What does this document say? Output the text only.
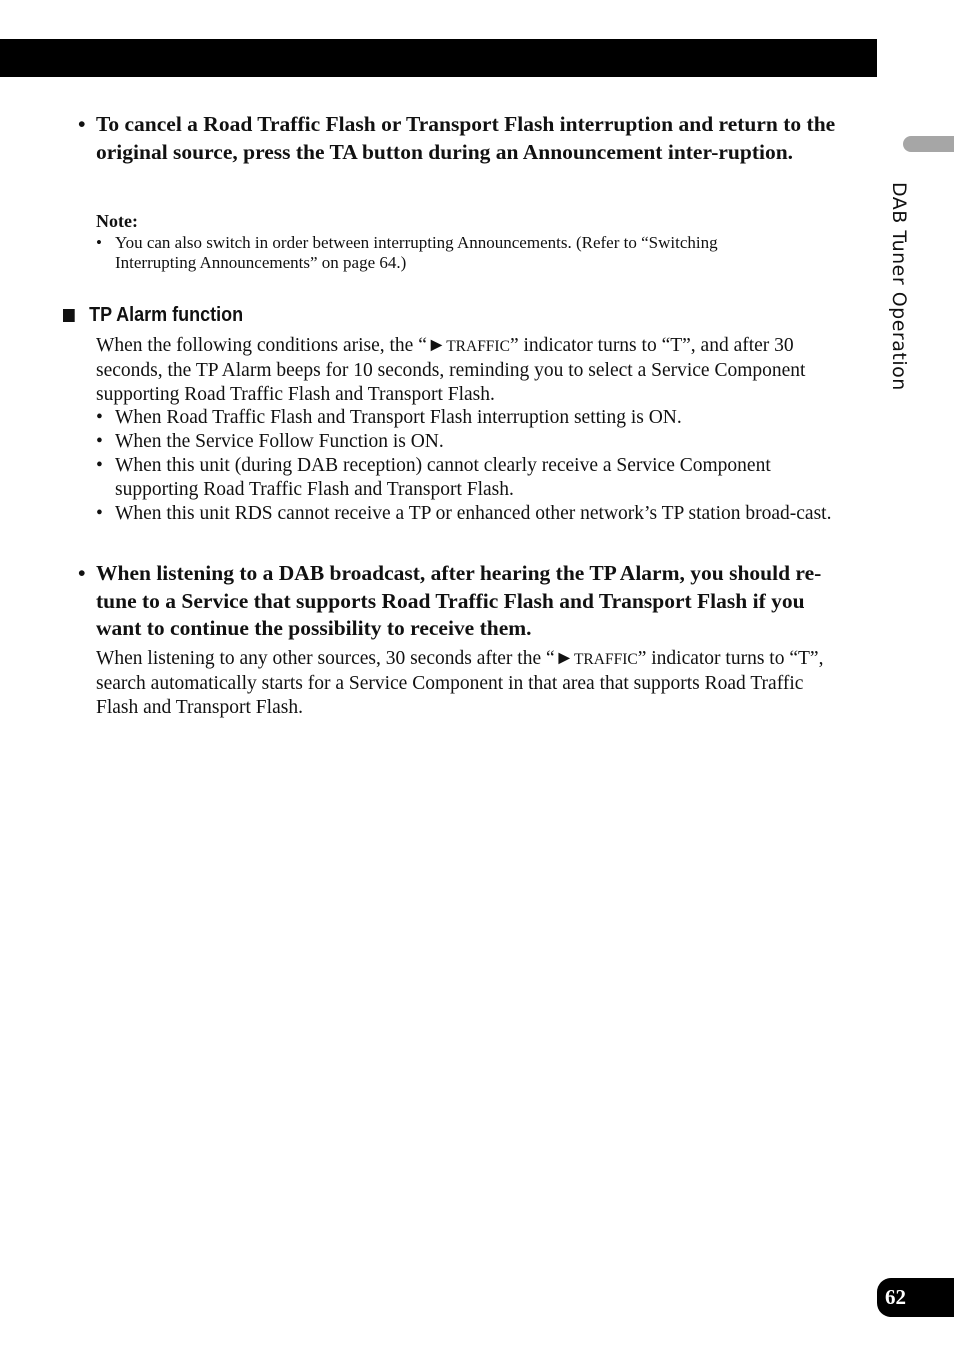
DAB Tuner Operation
• To cancel a Road Traffic Flash or Transport Flash interruption and return to the original source, press the TA button during an Announcement inter-ruption.
Note:
• You can also switch in order between interrupting Announcements. (Refer to “Switching Interrupting Announcements” on page 64.)
TP Alarm function
When the following conditions arise, the “►TRAFFIC” indicator turns to “T”, and after 30 seconds, the TP Alarm beeps for 10 seconds, reminding you to select a Service Component supporting Road Traffic Flash and Transport Flash.
• When Road Traffic Flash and Transport Flash interruption setting is ON.
• When the Service Follow Function is ON.
• When this unit (during DAB reception) cannot clearly receive a Service Component supporting Road Traffic Flash and Transport Flash.
• When this unit RDS cannot receive a TP or enhanced other network’s TP station broad-cast.
• When listening to a DAB broadcast, after hearing the TP Alarm, you should re-tune to a Service that supports Road Traffic Flash and Transport Flash if you want to continue the possibility to receive them.
When listening to any other sources, 30 seconds after the “►TRAFFIC” indicator turns to “T”, search automatically starts for a Service Component in that area that supports Road Traffic Flash and Transport Flash.
62
